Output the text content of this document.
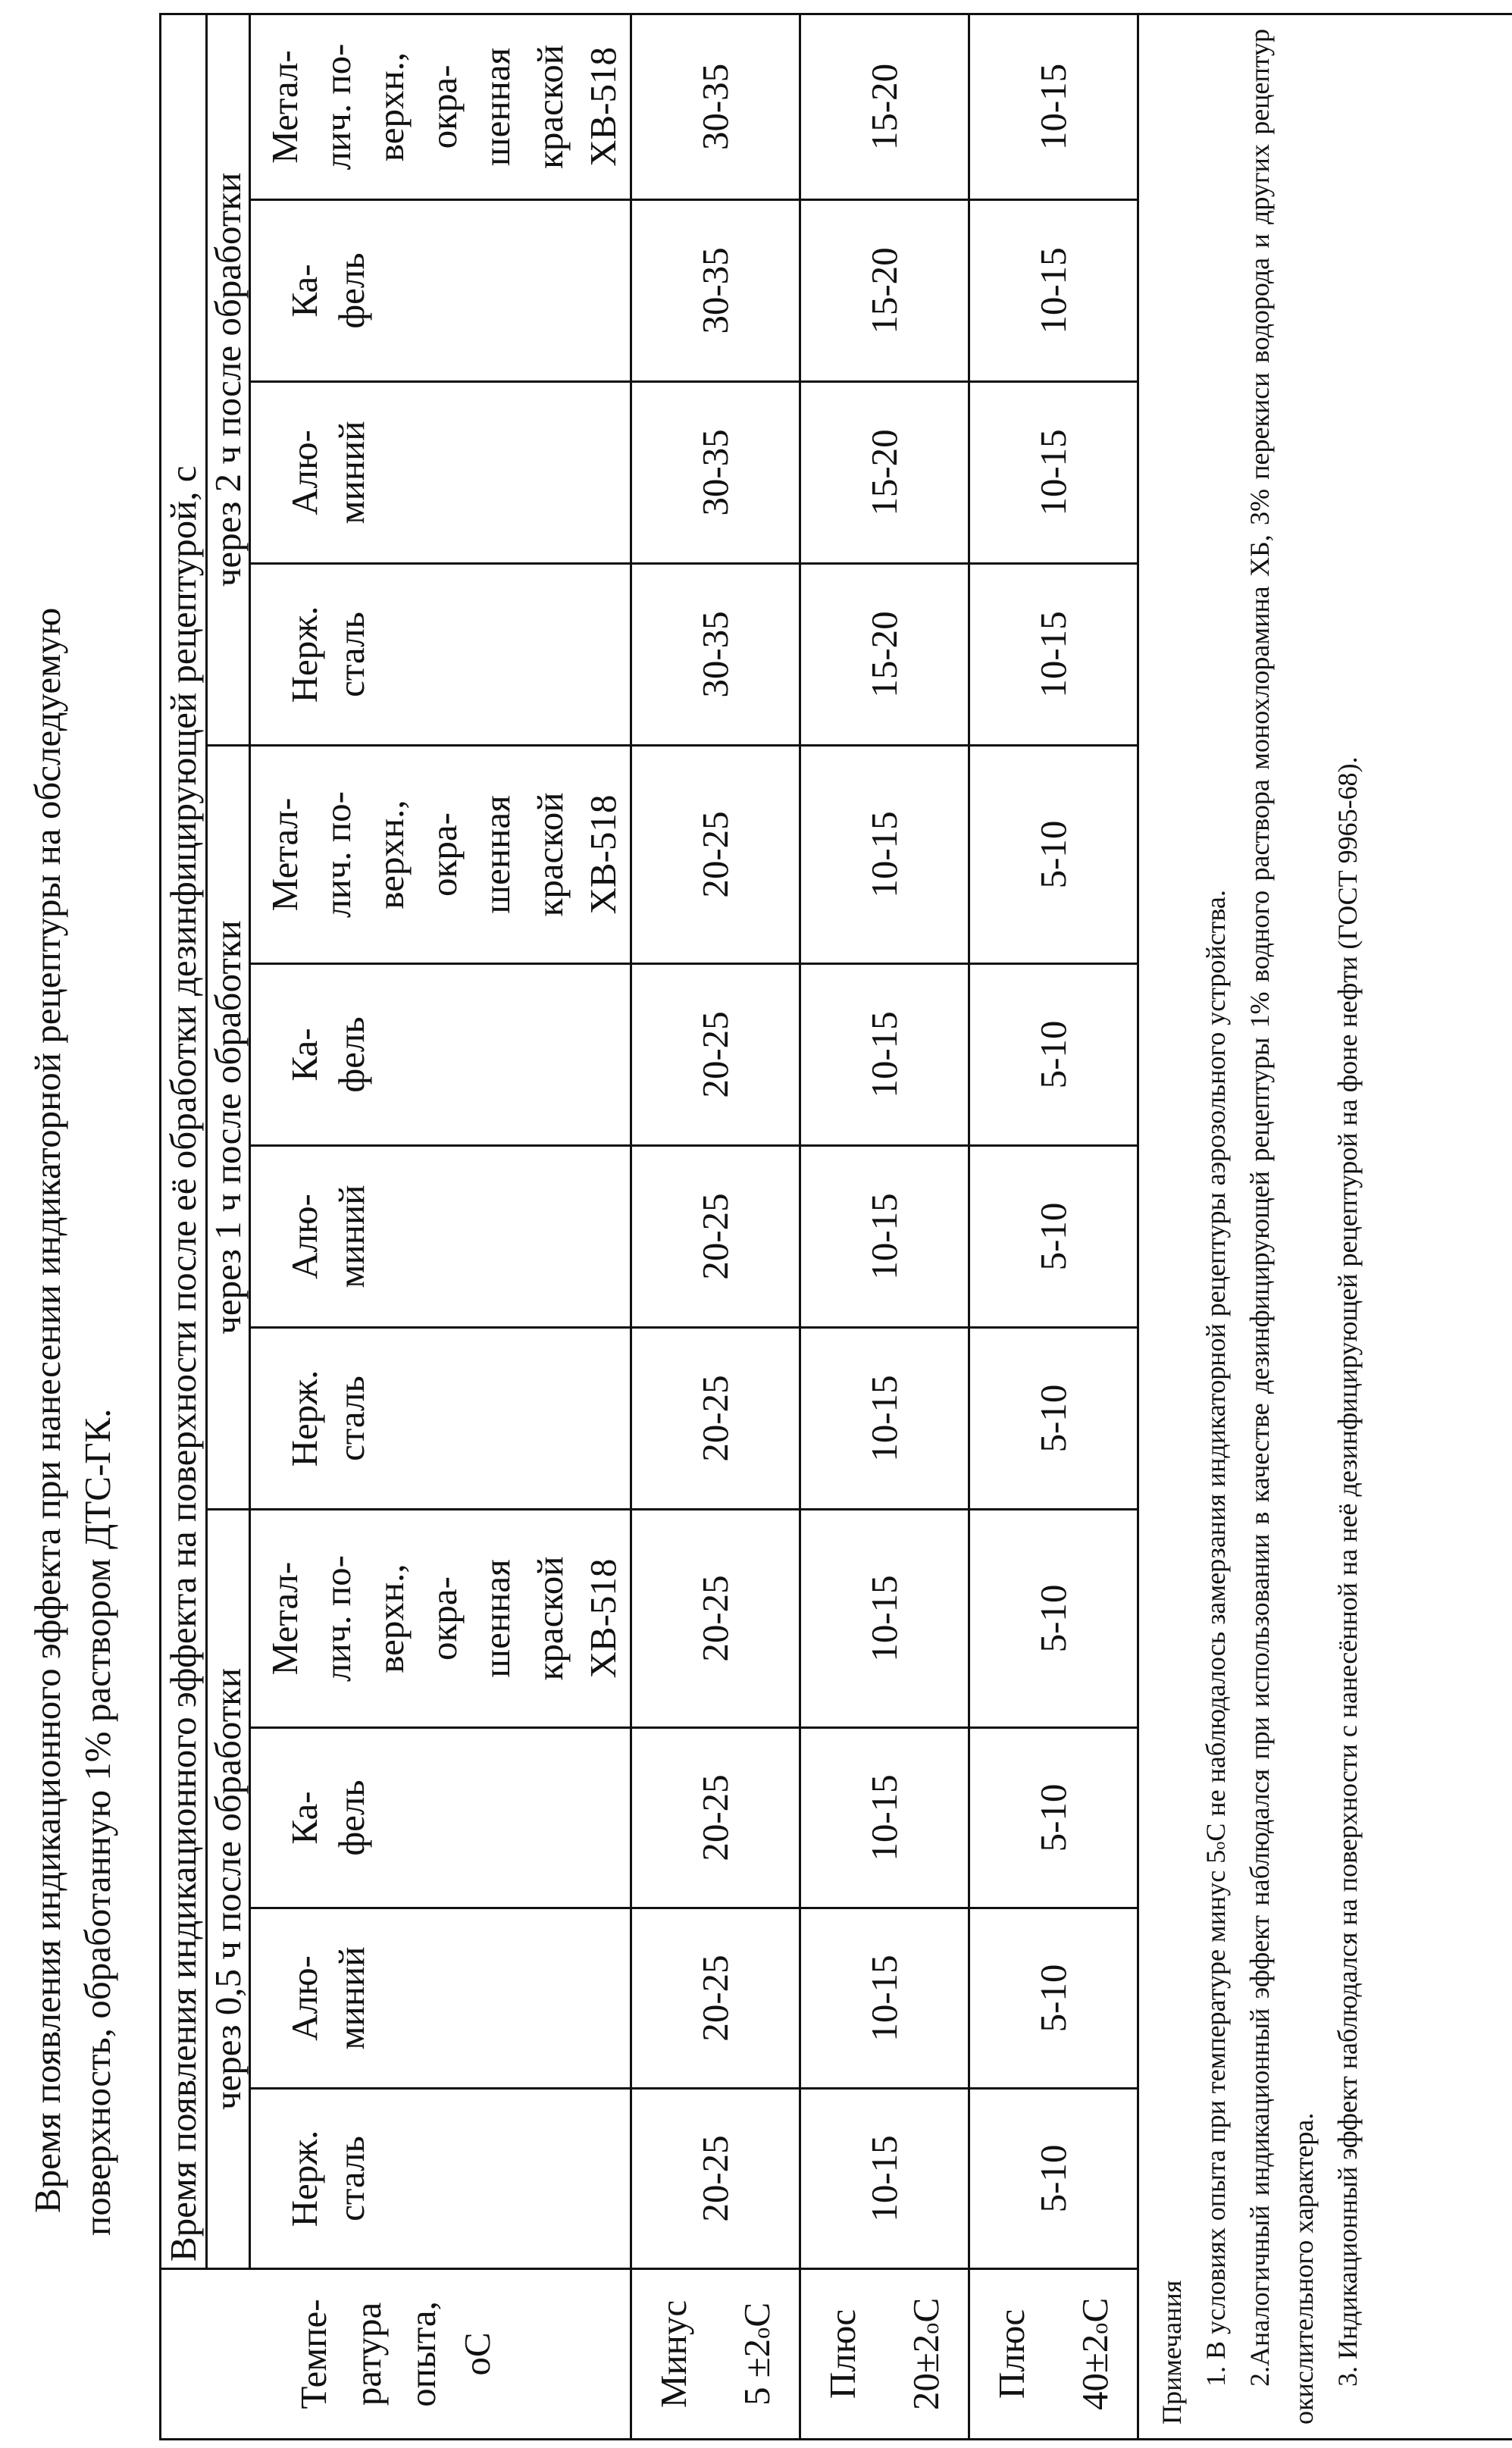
Время появления индикационного эффекта при нанесении индикаторной рецептуры на обследуемую поверхность, обработанную 1% раствором ДТС-ГК.
Темпе- ратура опыта, oС	Время появления индикационного эффекта на поверхности после её обработки дезинфицирующей рецептурой, счерез 0,5 ч после обработки	через 1 ч после обработки	через 2 ч после обработки
Нерж. сталь	Алю- миний	Ка- фель	Метал- лич. по- верхн., окра- шенная краской ХВ-518	Нерж. сталь	Алю- миний	Ка- фель	Метал- лич. по- верхн., окра- шенная краской ХВ-518	Нерж. сталь	Алю- миний	Ка- фель	Метал- лич. по- верхн., окра- шенная краской ХВ-518
Минус 5 ±2oС	20-25	20-25	20-25	20-25	20-25	20-25	20-25	20-25	30-35	30-35	30-35	30-35
Плюс 20±2oС	10-15	10-15	10-15	10-15	10-15	10-15	10-15	10-15	15-20	15-20	15-20	15-20
Плюс 40±2oС	5-10	5-10	5-10	5-10	5-10	5-10	5-10	5-10	10-15	10-15	10-15	10-15

Примечания 1. В условиях опыта при температуре минус 5oС не наблюдалось замерзания индикаторной рецептуры аэрозольного устройства. 2.Аналогичный индикационный эффект наблюдался при использовании в качестве дезинфицирующей рецептуры 1% водного раствора монохлорамина ХБ, 3% перекиси водорода и других рецептур окислительного характера. 3. Индикационный эффект наблюдался на поверхности с нанесённой на неё дезинфицирующей рецептурой на фоне нефти (ГОСТ 9965-68).
